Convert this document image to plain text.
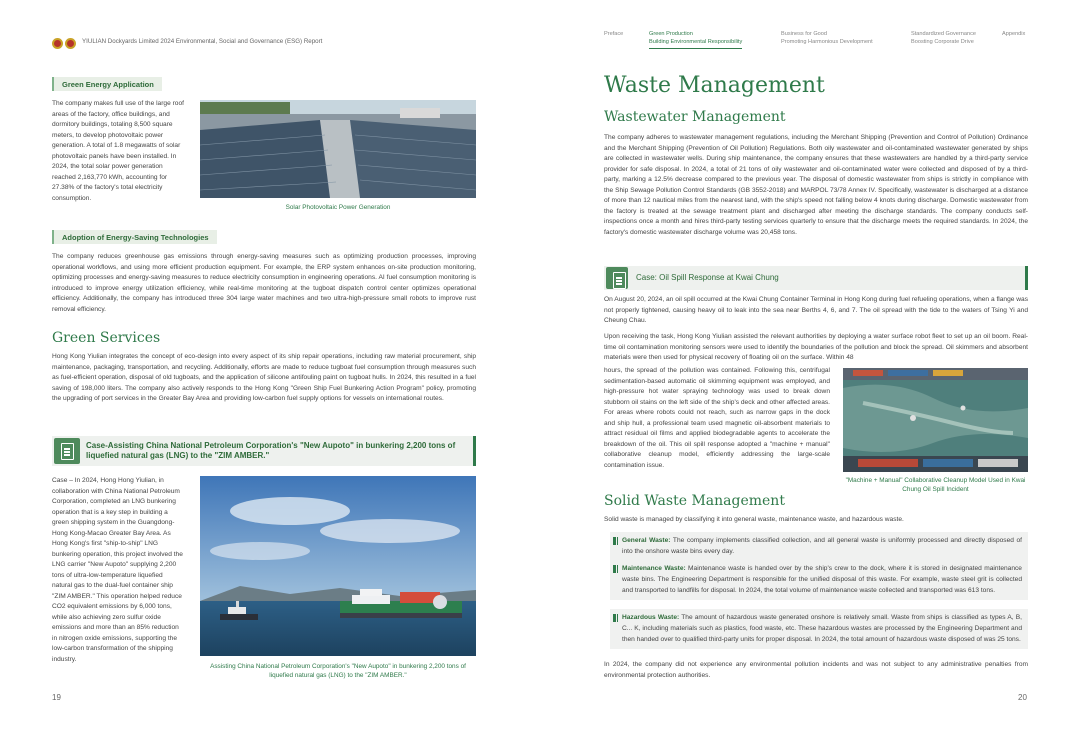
YIULIAN Dockyards Limited 2024 Environmental, Social and Governance (ESG) Report
Preface	Green Production
Building Environmental Responsibility
Business for Good
Promoting Harmonious Development
Standardized Governance
Boosting Corporate Drive
Appendix
Green Energy Application
The company makes full use of the large roof areas of the factory, office buildings, and dormitory buildings, totaling 8,500 square meters, to develop photovoltaic power generation. A total of 1.8 megawatts of solar photovoltaic panels have been installed. In 2024, the total solar power generation reached 2,163,770 kWh, accounting for 27.38% of the factory's total electricity consumption.
Solar Photovoltaic Power Generation
Adoption of Energy-Saving Technologies
The company reduces greenhouse gas emissions through energy-saving measures such as optimizing production processes, improving operational workflows, and using more efficient production equipment. For example, the ERP system enhances on-site production monitoring, optimizing processes and energy-saving measures to reduce electricity consumption in engineering operations. AI fuel consumption monitoring is introduced to improve energy utilization efficiency, while real-time monitoring at the tugboat dispatch control center optimizes operational efficiency. Additionally, the company has introduced three 304 large water machines and two ultra-high-pressure small robots to improve rust removal efficiency.
Green Services
Hong Kong Yiulian integrates the concept of eco-design into every aspect of its ship repair operations, including raw material procurement, ship maintenance, packaging, transportation, and recycling. Additionally, efforts are made to reduce tugboat fuel consumption through measures such as fuel-efficient operation, disposal of old tugboats, and the application of silicone antifouling paint on tugboat hulls. In 2024, this resulted in a fuel saving of 198,000 liters. The company also actively responds to the Hong Kong "Green Ship Fuel Bunkering Action Program" policy, promoting the upgrading of port services in the Greater Bay Area and providing low-carbon fuel supply options for vessels on international routes.
Case-Assisting China National Petroleum Corporation's "New Aupoto" in bunkering 2,200 tons of liquefied natural gas (LNG) to the "ZIM AMBER."
Case – In 2024, Hong Hong Yiulian, in collaboration with China National Petroleum Corporation, completed an LNG bunkering operation that is a key step in building a green shipping system in the Guangdong-Hong Kong-Macao Greater Bay Area. As Hong Kong's first "ship-to-ship" LNG bunkering operation, this project involved the LNG carrier "New Aupoto" supplying 2,200 tons of ultra-low-temperature liquefied natural gas to the dual-fuel container ship "ZIM AMBER." This operation helped reduce CO2 equivalent emissions by 6,000 tons, while also achieving zero sulfur oxide emissions and more than an 85% reduction in nitrogen oxide emissions, supporting the low-carbon transformation of the shipping industry.
Assisting China National Petroleum Corporation's "New Aupoto" in bunkering 2,200 tons of liquefied natural gas (LNG) to the "ZIM AMBER."
19
Waste Management
Wastewater Management
The company adheres to wastewater management regulations, including the Merchant Shipping (Prevention and Control of Pollution) Ordinance and the Merchant Shipping (Prevention of Oil Pollution) Regulations. Both oily wastewater and oil-contaminated wastewater generated by ships are collected in wastewater wells. During ship maintenance, the company ensures that these wastewaters are handled by a third-party service provider for safe disposal. In 2024, a total of 21 tons of oily wastewater and oil-contaminated water were collected and disposed of by a third-party, marking a 12.5% decrease compared to the previous year. The disposal of domestic wastewater from ships is strictly in compliance with the Ship Sewage Pollution Control Standards (GB 3552-2018) and MARPOL 73/78 Annex IV. Specifically, wastewater is discharged at a distance of more than 12 nautical miles from the nearest land, with the ship's speed not falling below 4 knots during discharge. Domestic wastewater from the factory is treated at the sewage treatment plant and discharged after meeting the discharge standards. The company conducts self-inspections once a month and hires third-party testing services quarterly to ensure that the discharge meets the required standards. In 2024, the factory's domestic wastewater discharge volume was 20,458 tons.
Case: Oil Spill Response at Kwai Chung
On August 20, 2024, an oil spill occurred at the Kwai Chung Container Terminal in Hong Kong during fuel refueling operations, when a flange was not properly tightened, causing heavy oil to leak into the sea near Berths 4, 6, and 7. The oil spread with the tide to the waters of Tsing Yi and Cheung Chau.
Upon receiving the task, Hong Kong Yiulian assisted the relevant authorities by deploying a water surface robot fleet to set up an oil boom. Real-time oil contamination monitoring sensors were used to identify the boundaries of the pollution and block the spread. Oil skimmers and absorbent materials were then used for physical recovery of floating oil on the surface. Within 48
hours, the spread of the pollution was contained. Following this, centrifugal sedimentation-based automatic oil skimming equipment was employed, and high-pressure hot water spraying technology was used to break down stubborn oil stains on the left side of the ship's deck and other affected areas. For areas where robots could not reach, such as narrow gaps in the dock and ship hull, a professional team used magnetic oil-absorbent materials to attract residual oil films and applied biodegradable agents to accelerate the breakdown of the oil. This oil spill response adopted a "machine + manual" collaborative cleanup model, efficiently addressing the large-scale contamination issue.
"Machine + Manual" Collaborative Cleanup Model Used in Kwai Chung Oil Spill Incident
Solid Waste Management
Solid waste is managed by classifying it into general waste, maintenance waste, and hazardous waste.
General Waste: The company implements classified collection, and all general waste is uniformly processed and directly disposed of into the onshore waste bins every day.
Maintenance Waste: Maintenance waste is handed over by the ship's crew to the dock, where it is stored in designated maintenance waste bins. The Engineering Department is responsible for the unified disposal of this waste. For example, waste steel grit is collected and transported to landfills for disposal. In 2024, the total volume of maintenance waste collected and transported was 613 tons.
Hazardous Waste: The amount of hazardous waste generated onshore is relatively small. Waste from ships is classified as types A, B, C... K, including materials such as plastics, food waste, etc. These hazardous wastes are processed by the Engineering Department and then handed over to qualified third-party units for proper disposal. In 2024, the total amount of hazardous waste disposed of was 25 tons.
In 2024, the company did not experience any environmental pollution incidents and was not subject to any administrative penalties from environmental protection authorities.
20
